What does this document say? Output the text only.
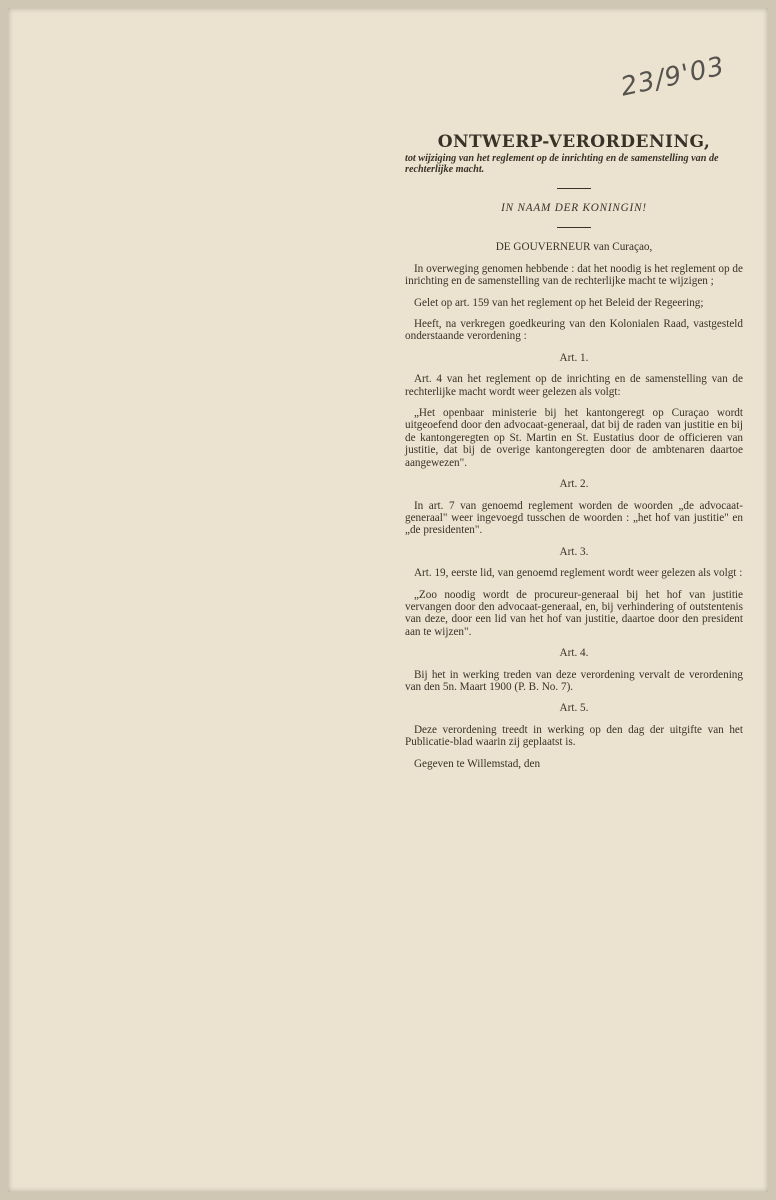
23/9'03
ONTWERP-VERORDENING,
tot wijziging van het reglement op de inrichting en de samenstelling van de rechterlijke macht.
IN NAAM DER KONINGIN!
DE GOUVERNEUR van Curaçao,

In overweging genomen hebbende : dat het noodig is het reglement op de inrichting en de samenstelling van de rechterlijke macht te wijzigen ;

Gelet op art. 159 van het reglement op het Beleid der Regeering;

Heeft, na verkregen goedkeuring van den Kolonialen Raad, vastgesteld onderstaande verordening :

Art. 1.

Art. 4 van het reglement op de inrichting en de samenstelling van de rechterlijke macht wordt weer gelezen als volgt:

„Het openbaar ministerie bij het kantongeregt op Curaçao wordt uitgeoefend door den advocaat-generaal, dat bij de raden van justitie en bij de kantongeregten op St. Martin en St. Eustatius door de officieren van justitie, dat bij de overige kantongeregten door de ambtenaren daartoe aangewezen".

Art. 2.

In art. 7 van genoemd reglement worden de woorden „de advocaat-generaal" weer ingevoegd tusschen de woorden : „het hof van justitie" en „de presidenten".

Art. 3.

Art. 19, eerste lid, van genoemd reglement wordt weer gelezen als volgt :

„Zoo noodig wordt de procureur-generaal bij het hof van justitie vervangen door den advocaat-generaal, en, bij verhindering of outstentenis van deze, door een lid van het hof van justitie, daartoe door den president aan te wijzen".

Art. 4.

Bij het in werking treden van deze verordening vervalt de verordening van den 5n. Maart 1900 (P. B. No. 7).

Art. 5.

Deze verordening treedt in werking op den dag der uitgifte van het Publicatie-blad waarin zij geplaatst is.

Gegeven te Willemstad, den
